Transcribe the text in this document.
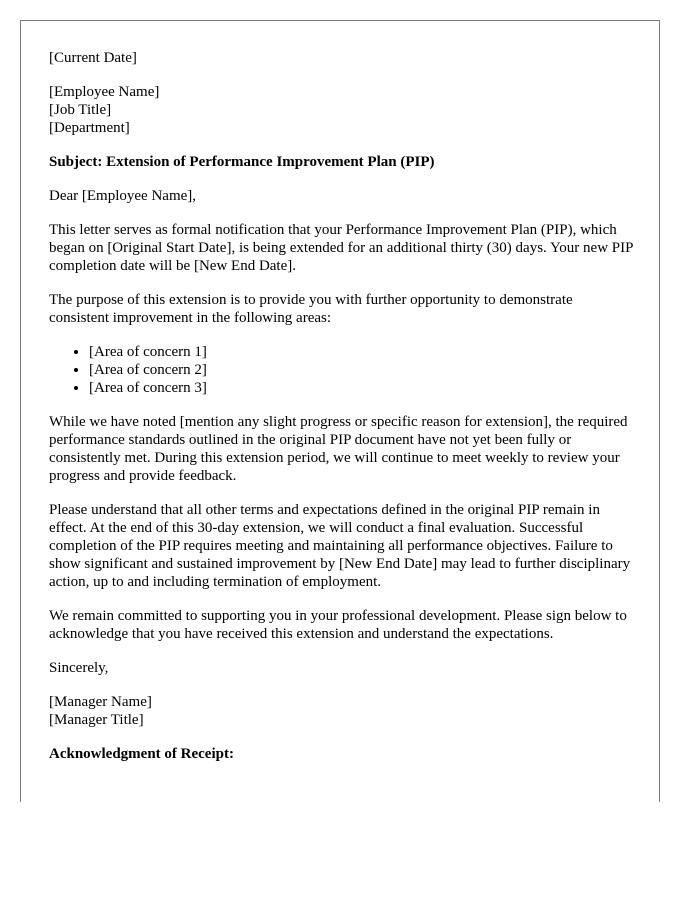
[Current Date]

[Employee Name]
[Job Title]
[Department]

Subject: Extension of Performance Improvement Plan (PIP)

Dear [Employee Name],

This letter serves as formal notification that your Performance Improvement Plan (PIP), which began on [Original Start Date], is being extended for an additional thirty (30) days. Your new PIP completion date will be [New End Date].

The purpose of this extension is to provide you with further opportunity to demonstrate consistent improvement in the following areas:

• [Area of concern 1]
• [Area of concern 2]
• [Area of concern 3]

While we have noted [mention any slight progress or specific reason for extension], the required performance standards outlined in the original PIP document have not yet been fully or consistently met. During this extension period, we will continue to meet weekly to review your progress and provide feedback.

Please understand that all other terms and expectations defined in the original PIP remain in effect. At the end of this 30-day extension, we will conduct a final evaluation. Successful completion of the PIP requires meeting and maintaining all performance objectives. Failure to show significant and sustained improvement by [New End Date] may lead to further disciplinary action, up to and including termination of employment.

We remain committed to supporting you in your professional development. Please sign below to acknowledge that you have received this extension and understand the expectations.

Sincerely,

[Manager Name]
[Manager Title]

Acknowledgment of Receipt:
